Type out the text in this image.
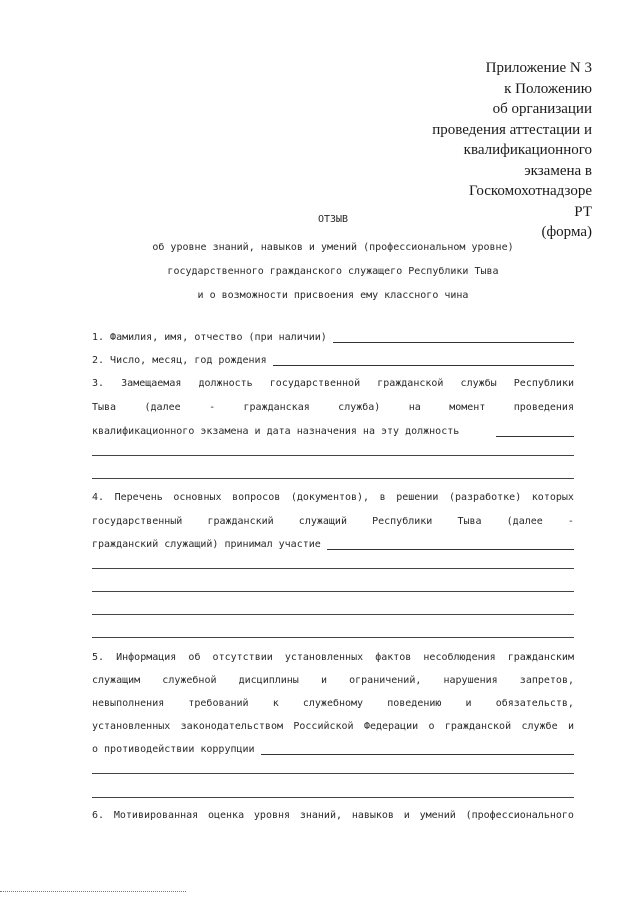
Приложение N 3
к Положению
об организации
проведения аттестации и
квалификационного
экзамена в
Госкомохотнадзоре
РТ
(форма)
ОТЗЫВ
об уровне знаний, навыков и умений (профессиональном уровне)
государственного гражданского служащего Республики Тыва
и о возможности присвоения ему классного чина
1. Фамилия, имя, отчество (при наличии)
2. Число, месяц, год рождения
3. Замещаемая должность государственной гражданской службы Республики
Тыва	(далее	-	гражданская	служба)	на	момент	проведения
квалификационного экзамена и дата назначения на эту должность
4. Перечень основных вопросов (документов), в решении (разработке) которых
государственный	гражданский	служащий	Республики	Тыва	(далее	-
гражданский служащий) принимал участие
5. Информация об отсутствии установленных фактов несоблюдения гражданским
служащим служебной дисциплины и ограничений, нарушения запретов,
невыполнения требований к служебному поведению и обязательств,
установленных законодательством Российской Федерации о гражданской службе и
о противодействии коррупции
6. Мотивированная оценка уровня знаний, навыков и умений (профессионального
